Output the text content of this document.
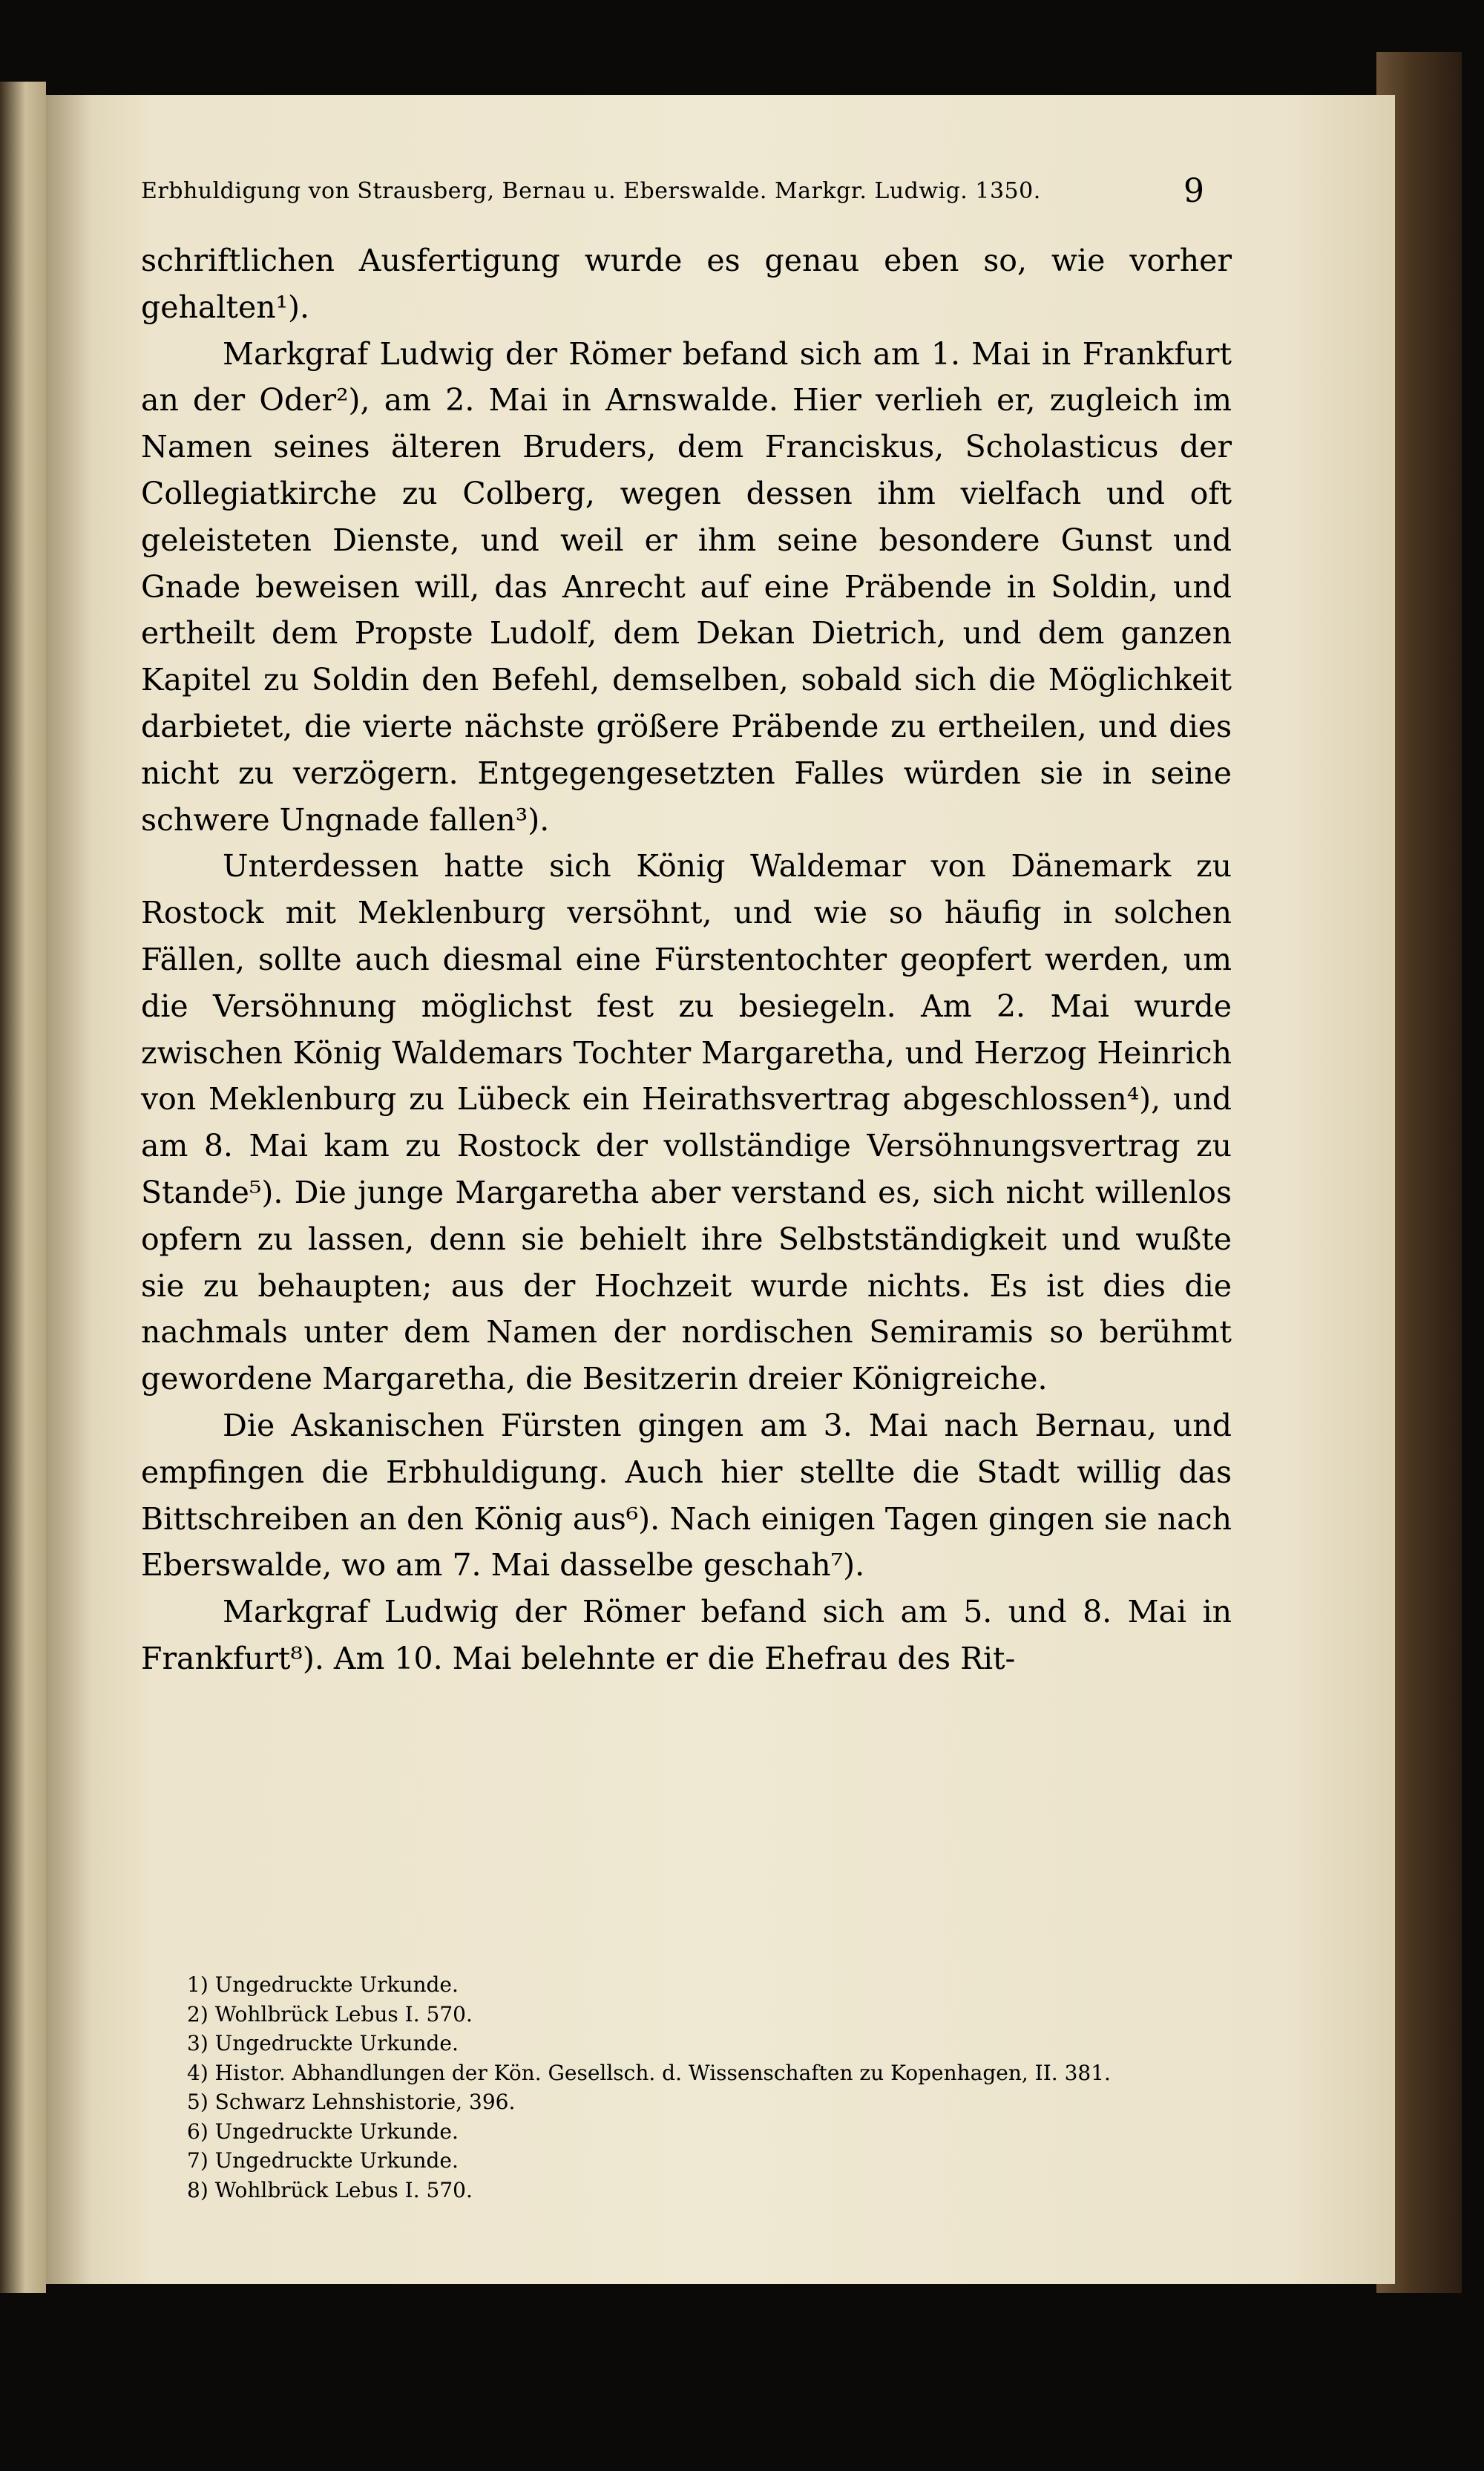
Erbhuldigung von Strausberg, Bernau u. Eberswalde. Markgr. Ludwig. 1350.	9

schriftlichen Ausfertigung wurde es genau eben so, wie vorher gehalten¹).

Markgraf Ludwig der Römer befand sich am 1. Mai in Frankfurt an der Oder²), am 2. Mai in Arnswalde. Hier verlieh er, zugleich im Namen seines älteren Bruders, dem Franciskus, Scholasticus der Collegiatkirche zu Colberg, wegen dessen ihm vielfach und oft geleisteten Dienste, und weil er ihm seine besondere Gunst und Gnade beweisen will, das Anrecht auf eine Präbende in Soldin, und ertheilt dem Propste Ludolf, dem Dekan Dietrich, und dem ganzen Kapitel zu Soldin den Befehl, demselben, sobald sich die Möglichkeit darbietet, die vierte nächste größere Präbende zu ertheilen, und dies nicht zu verzögern. Entgegengesetzten Falles würden sie in seine schwere Ungnade fallen³).

Unterdessen hatte sich König Waldemar von Dänemark zu Rostock mit Meklenburg versöhnt, und wie so häufig in solchen Fällen, sollte auch diesmal eine Fürstentochter geopfert werden, um die Versöhnung möglichst fest zu besiegeln. Am 2. Mai wurde zwischen König Waldemars Tochter Margaretha, und Herzog Heinrich von Meklenburg zu Lübeck ein Heirathsvertrag abgeschlossen⁴), und am 8. Mai kam zu Rostock der vollständige Versöhnungsvertrag zu Stande⁵). Die junge Margaretha aber verstand es, sich nicht willenlos opfern zu lassen, denn sie behielt ihre Selbstständigkeit und wußte sie zu behaupten; aus der Hochzeit wurde nichts. Es ist dies die nachmals unter dem Namen der nordischen Semiramis so berühmt gewordene Margaretha, die Besitzerin dreier Königreiche.

Die Askanischen Fürsten gingen am 3. Mai nach Bernau, und empfingen die Erbhuldigung. Auch hier stellte die Stadt willig das Bittschreiben an den König aus⁶). Nach einigen Tagen gingen sie nach Eberswalde, wo am 7. Mai dasselbe geschah⁷).

Markgraf Ludwig der Römer befand sich am 5. und 8. Mai in Frankfurt⁸). Am 10. Mai belehnte er die Ehefrau des Rit-

1) Ungedruckte Urkunde.
2) Wohlbrück Lebus I. 570.
3) Ungedruckte Urkunde.
4) Histor. Abhandlungen der Kön. Gesellsch. d. Wissenschaften zu Kopenhagen, II. 381.
5) Schwarz Lehnshistorie, 396.
6) Ungedruckte Urkunde.
7) Ungedruckte Urkunde.
8) Wohlbrück Lebus I. 570.
